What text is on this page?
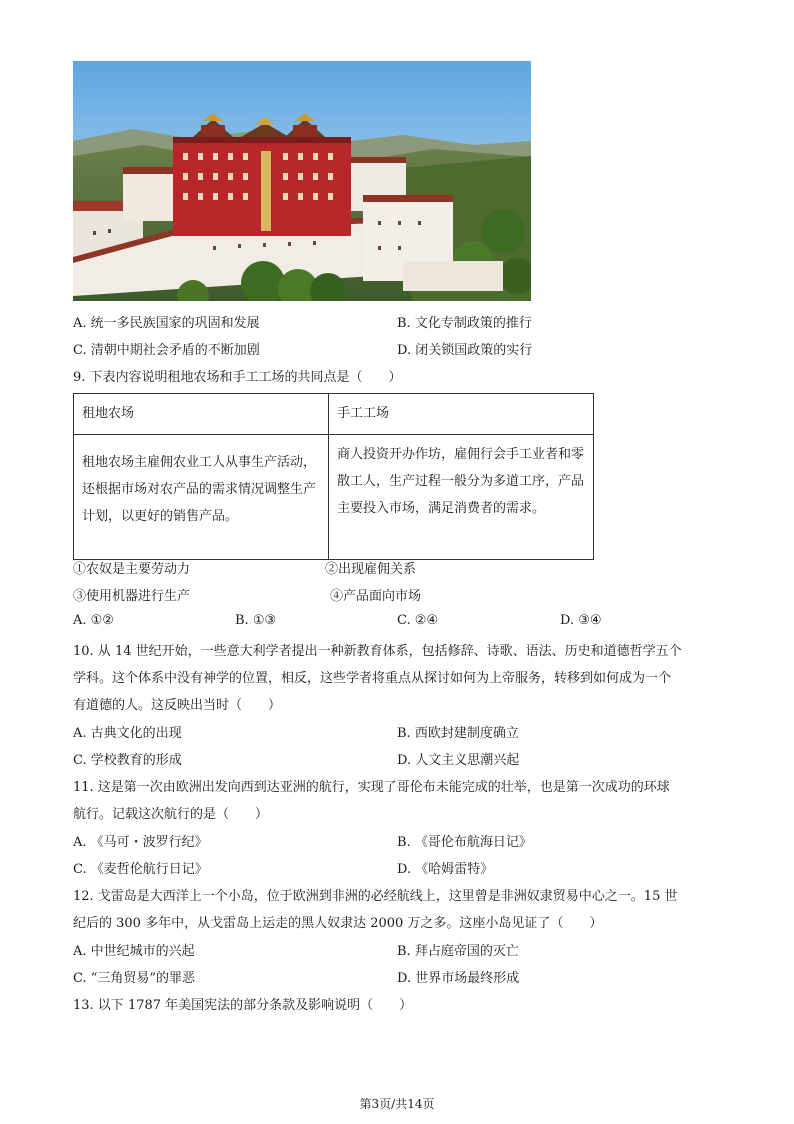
A. 统一多民族国家的巩固和发展	B. 文化专制政策的推行
C. 清朝中期社会矛盾的不断加剧	D. 闭关锁国政策的实行
9. 下表内容说明租地农场和手工工场的共同点是（　　）
租地农场	手工工场
租地农场主雇佣农业工人从事生产活动，还根据市场对农产品的需求情况调整生产计划，以更好的销售产品。	商人投资开办作坊，雇佣行会手工业者和零散工人，生产过程一般分为多道工序，产品主要投入市场，满足消费者的需求。
①农奴是主要劳动力	②出现雇佣关系
③使用机器进行生产	④产品面向市场
A. ①②	B. ①③	C. ②④	D. ③④
10. 从 14 世纪开始，一些意大利学者提出一种新教育体系，包括修辞、诗歌、语法、历史和道德哲学五个
学科。这个体系中没有神学的位置，相反，这些学者将重点从探讨如何为上帝服务，转移到如何成为一个
有道德的人。这反映出当时（　　）
A. 古典文化的出现	B. 西欧封建制度确立
C. 学校教育的形成	D. 人文主义思潮兴起
11. 这是第一次由欧洲出发向西到达亚洲的航行，实现了哥伦布未能完成的壮举，也是第一次成功的环球
航行。记载这次航行的是（　　）
A. 《马可・波罗行纪》	B. 《哥伦布航海日记》
C. 《麦哲伦航行日记》	D. 《哈姆雷特》
12. 戈雷岛是大西洋上一个小岛，位于欧洲到非洲的必经航线上，这里曾是非洲奴隶贸易中心之一。15 世
纪后的 300 多年中，从戈雷岛上运走的黑人奴隶达 2000 万之多。这座小岛见证了（　　）
A. 中世纪城市的兴起	B. 拜占庭帝国的灭亡
C. “三角贸易”的罪恶	D. 世界市场最终形成
13. 以下 1787 年美国宪法的部分条款及影响说明（　　）
第3页/共14页
